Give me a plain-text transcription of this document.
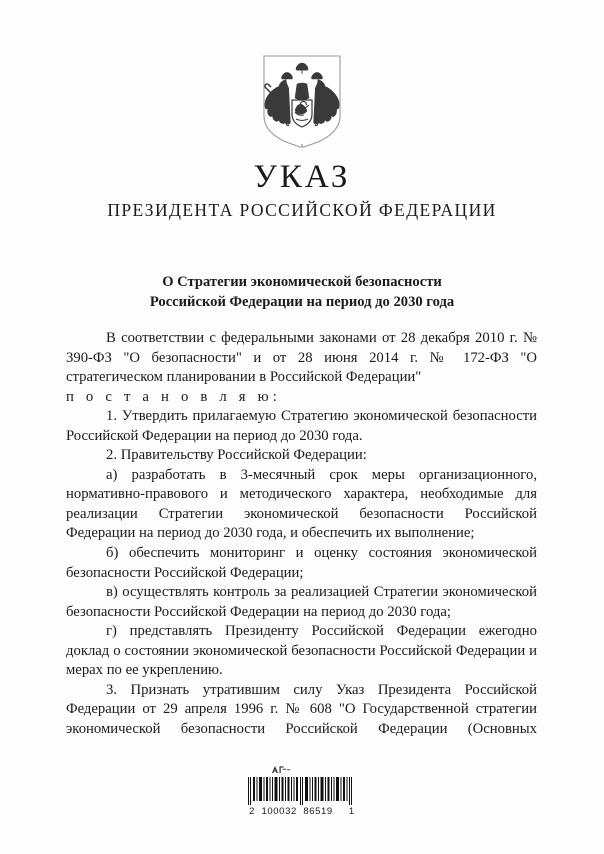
УКАЗ
ПРЕЗИДЕНТА РОССИЙСКОЙ ФЕДЕРАЦИИ
О Стратегии экономической безопасности
Российской Федерации на период до 2030 года

В соответствии с федеральными законами от 28 декабря 2010 г. № 390-ФЗ "О безопасности" и от 28 июня 2014 г. № 172-ФЗ "О стратегическом планировании в Российской Федерации"

п о с т а н о в л я ю:

1. Утвердить прилагаемую Стратегию экономической безопасности Российской Федерации на период до 2030 года.

2. Правительству Российской Федерации:

а) разработать в 3-месячный срок меры организационного, нормативно-правового и методического характера, необходимые для реализации Стратегии экономической безопасности Российской Федерации на период до 2030 года, и обеспечить их выполнение;

б) обеспечить мониторинг и оценку состояния экономической безопасности Российской Федерации;

в) осуществлять контроль за реализацией Стратегии экономической безопасности Российской Федерации на период до 2030 года;

г) представлять Президенту Российской Федерации ежегодно доклад о состоянии экономической безопасности Российской Федерации и мерах по ее укреплению.

3. Признать утратившим силу Указ Президента Российской Федерации от 29 апреля 1996 г. № 608 "О Государственной стратегии экономической безопасности Российской Федерации (Основных

2  100032  86519     1
